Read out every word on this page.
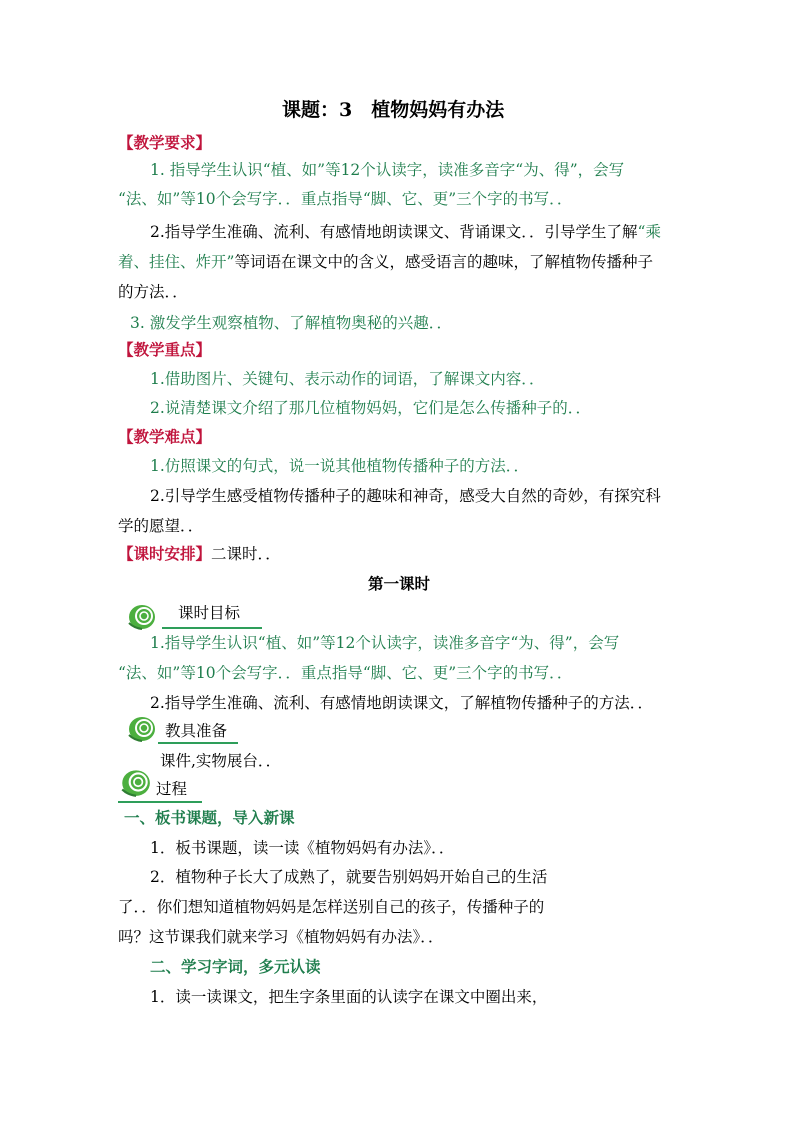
课题：3　植物妈妈有办法
【教学要求】
1. 指导学生认识“植、如”等12个认读字，读准多音字“为、得”，会写
“法、如”等10个会写字．．重点指导“脚、它、更”三个字的书写．．
2.指导学生准确、流利、有感情地朗读课文、背诵课文．．引导学生了解“乘
着、挂住、炸开”等词语在课文中的含义，感受语言的趣味，了解植物传播种子
的方法．．
3. 激发学生观察植物、了解植物奥秘的兴趣．．
【教学重点】
1.借助图片、关键句、表示动作的词语，了解课文内容．．
2.说清楚课文介绍了那几位植物妈妈，它们是怎么传播种子的．．
【教学难点】
1.仿照课文的句式，说一说其他植物传播种子的方法．．
2.引导学生感受植物传播种子的趣味和神奇，感受大自然的奇妙，有探究科
学的愿望．．
【课时安排】二课时．．
第一课时
课时目标
1.指导学生认识“植、如”等12个认读字，读准多音字“为、得”，会写
“法、如”等10个会写字．．重点指导“脚、它、更”三个字的书写．．
2.指导学生准确、流利、有感情地朗读课文，了解植物传播种子的方法．．
教具准备
课件,实物展台．．
过程
一、板书课题，导入新课
1．板书课题，读一读《植物妈妈有办法》．．
2．植物种子长大了成熟了，就要告别妈妈开始自己的生活
了．．你们想知道植物妈妈是怎样送别自己的孩子，传播种子的
吗？这节课我们就来学习《植物妈妈有办法》．．
二、学习字词，多元认读
1．读一读课文，把生字条里面的认读字在课文中圈出来，
